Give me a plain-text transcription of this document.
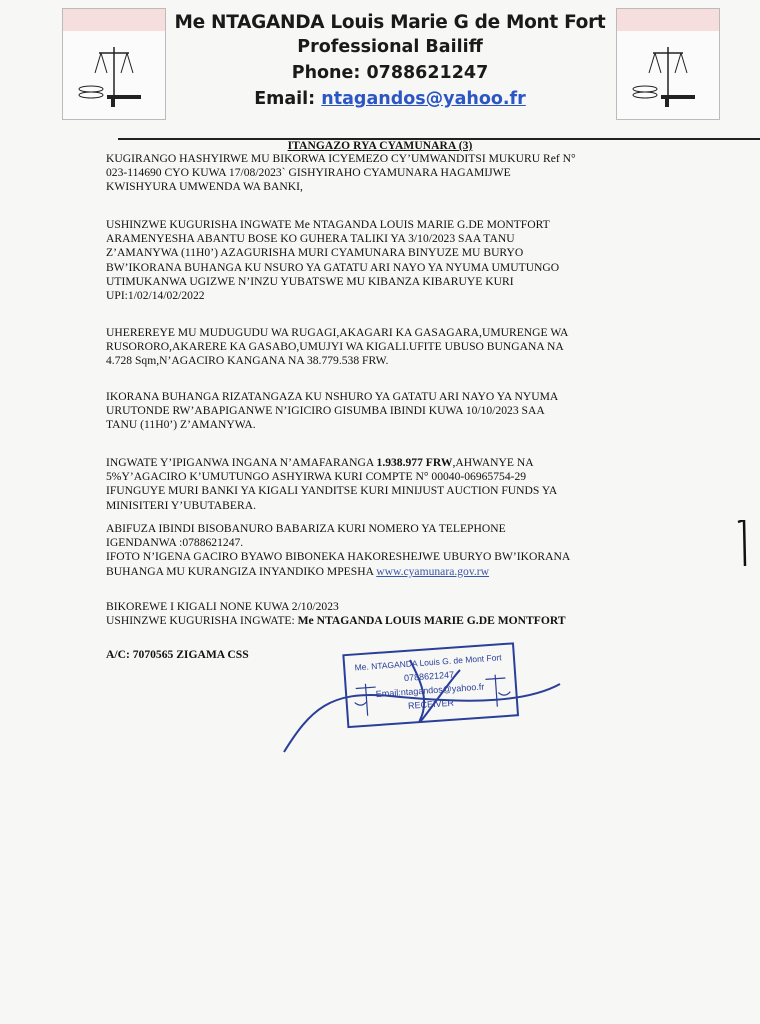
Me NTAGANDA Louis Marie G de Mont Fort
Professional Bailiff
Phone: 0788621247
Email: ntagandos@yahoo.fr
ITANGAZO RYA CYAMUNARA (3)
KUGIRANGO HASHYIRWE MU BIKORWA ICYEMEZO CY’UMWANDITSI MUKURU Ref N°
023-114690 CYO KUWA 17/08/2023` GISHYIRAHO CYAMUNARA HAGAMIJWE
KWISHYURA UMWENDA WA BANKI,
USHINZWE KUGURISHA INGWATE Me NTAGANDA LOUIS MARIE G.DE MONTFORT
ARAMENYESHA ABANTU BOSE KO GUHERA TALIKI YA 3/10/2023 SAA TANU
Z’AMANYWA (11H0’) AZAGURISHA MURI CYAMUNARA BINYUZE MU BURYO
BW’IKORANA BUHANGA KU NSURO YA GATATU ARI NAYO YA NYUMA UMUTUNGO
UTIMUKANWA UGIZWE N’INZU YUBATSWE MU KIBANZA KIBARUYE KURI
UPI:1/02/14/02/2022
UHEREREYE MU MUDUGUDU WA RUGAGI,AKAGARI KA GASAGARA,UMURENGE WA
RUSORORO,AKARERE KA GASABO,UMUJYI WA KIGALI.UFITE UBUSO BUNGANA NA
4.728 Sqm,N’AGACIRO KANGANA NA 38.779.538 FRW.
IKORANA BUHANGA RIZATANGAZA KU NSHURO YA GATATU ARI NAYO YA NYUMA
URUTONDE RW’ABAPIGANWE N’IGICIRO GISUMBA IBINDI KUWA 10/10/2023 SAA
TANU (11H0’) Z’AMANYWA.
INGWATE Y’IPIGANWA INGANA N’AMAFARANGA 1.938.977 FRW,AHWANYE NA
5%Y’AGACIRO K’UMUTUNGO ASHYIRWA KURI COMPTE N° 00040-06965754-29
IFUNGUYE MURI BANKI YA KIGALI YANDITSE KURI MINIJUST AUCTION FUNDS YA
MINISITERI Y’UBUTABERA.
ABIFUZA IBINDI BISOBANURO BABARIZA KURI NOMERO YA TELEPHONE
IGENDANWA :0788621247.
IFOTO N’IGENA GACIRO BYAWO BIBONEKA HAKORESHEJWE UBURYO BW’IKORANA
BUHANGA MU KURANGIZA INYANDIKO MPESHA www.cyamunara.gov.rw
BIKOREWE I KIGALI NONE KUWA 2/10/2023
USHINZWE KUGURISHA INGWATE: Me NTAGANDA LOUIS MARIE G.DE MONTFORT
A/C: 7070565 ZIGAMA CSS	Me. NTAGANDA Louis G. de Mont Fort
0788621247
Email:ntagandos@yahoo.fr
RECEIVER
